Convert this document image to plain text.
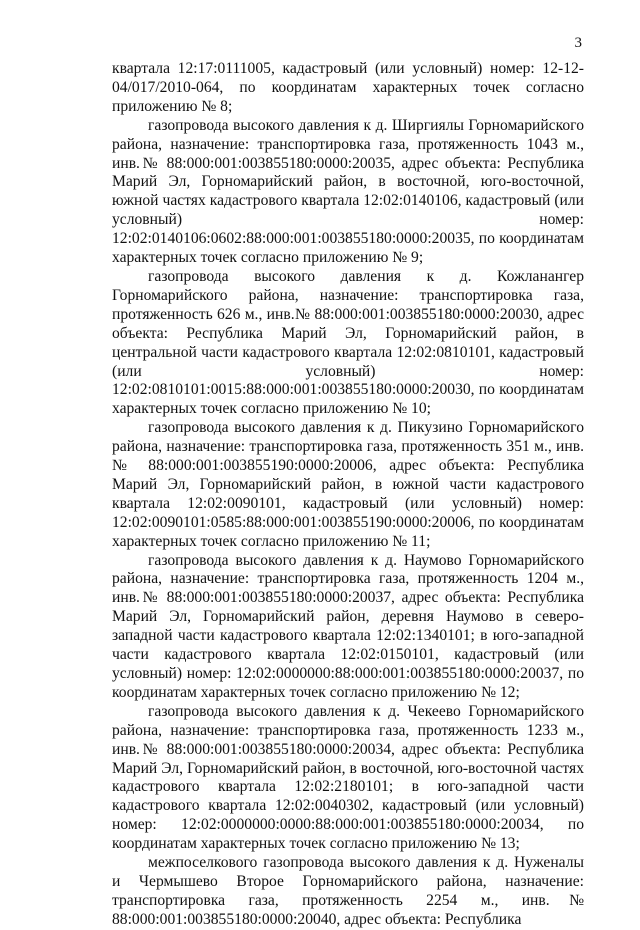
3

квартала 12:17:0111005, кадастровый (или условный) номер: 12-12-04/017/2010-064, по координатам характерных точек согласно приложению № 8;

газопровода высокого давления к д. Ширгиялы Горномарийского района, назначение: транспортировка газа, протяженность 1043 м., инв.№ 88:000:001:003855180:0000:20035, адрес объекта: Республика Марий Эл, Горномарийский район, в восточной, юго-восточной, южной частях кадастрового квартала 12:02:0140106, кадастровый (или условный) номер: 12:02:0140106:0602:88:000:001:003855180:0000:20035, по координатам характерных точек согласно приложению № 9;

газопровода высокого давления к д. Кожланангер Горномарийского района, назначение: транспортировка газа, протяженность 626 м., инв.№ 88:000:001:003855180:0000:20030, адрес объекта: Республика Марий Эл, Горномарийский район, в центральной части кадастрового квартала 12:02:0810101, кадастровый (или условный) номер: 12:02:0810101:0015:88:000:001:003855180:0000:20030, по координатам характерных точек согласно приложению № 10;

газопровода высокого давления к д. Пикузино Горномарийского района, назначение: транспортировка газа, протяженность 351 м., инв.№ 88:000:001:003855190:0000:20006, адрес объекта: Республика Марий Эл, Горномарийский район, в южной части кадастрового квартала 12:02:0090101, кадастровый (или условный) номер: 12:02:0090101:0585:88:000:001:003855190:0000:20006, по координатам характерных точек согласно приложению № 11;

газопровода высокого давления к д. Наумово Горномарийского района, назначение: транспортировка газа, протяженность 1204 м., инв.№ 88:000:001:003855180:0000:20037, адрес объекта: Республика Марий Эл, Горномарийский район, деревня Наумово в северо-западной части кадастрового квартала 12:02:1340101; в юго-западной части кадастрового квартала 12:02:0150101, кадастровый (или условный) номер: 12:02:0000000:88:000:001:003855180:0000:20037, по координатам характерных точек согласно приложению № 12;

газопровода высокого давления к д. Чекеево Горномарийского района, назначение: транспортировка газа, протяженность 1233 м., инв.№ 88:000:001:003855180:0000:20034, адрес объекта: Республика Марий Эл, Горномарийский район, в восточной, юго-восточной частях кадастрового квартала 12:02:2180101; в юго-западной части кадастрового квартала 12:02:0040302, кадастровый (или условный) номер: 12:02:0000000:0000:88:000:001:003855180:0000:20034, по координатам характерных точек согласно приложению № 13;

межпоселкового газопровода высокого давления к д. Нуженалы и Чермышево Второе Горномарийского района, назначение: транспортировка газа, протяженность 2254 м., инв.№ 88:000:001:003855180:0000:20040, адрес объекта: Республика
